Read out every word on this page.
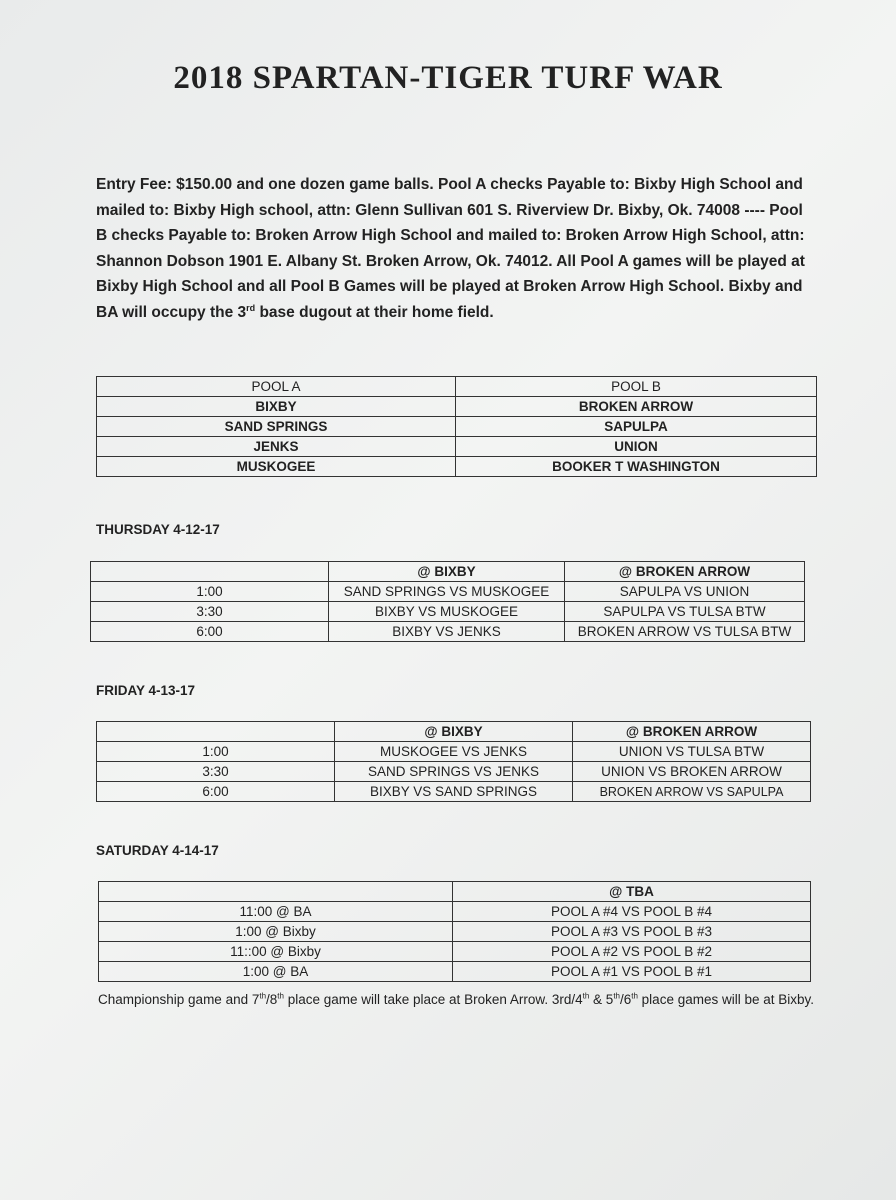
2018 SPARTAN-TIGER TURF WAR
Entry Fee: $150.00 and one dozen game balls. Pool A checks Payable to: Bixby High School and mailed to: Bixby High school, attn: Glenn Sullivan 601 S. Riverview Dr. Bixby, Ok. 74008 ---- Pool B checks Payable to: Broken Arrow High School and mailed to: Broken Arrow High School, attn: Shannon Dobson 1901 E. Albany St. Broken Arrow, Ok. 74012. All Pool A games will be played at Bixby High School and all Pool B Games will be played at Broken Arrow High School. Bixby and BA will occupy the 3rd base dugout at their home field.
POOL A	POOL B
BIXBY	BROKEN ARROW
SAND SPRINGS	SAPULPA
JENKS	UNION
MUSKOGEE	BOOKER T WASHINGTON
THURSDAY 4-12-17
	@ BIXBY	@ BROKEN ARROW
1:00	SAND SPRINGS VS MUSKOGEE	SAPULPA VS UNION
3:30	BIXBY VS MUSKOGEE	SAPULPA VS TULSA BTW
6:00	BIXBY VS JENKS	BROKEN ARROW VS TULSA BTW
FRIDAY 4-13-17
	@ BIXBY	@ BROKEN ARROW
1:00	MUSKOGEE VS JENKS	UNION VS TULSA BTW
3:30	SAND SPRINGS VS JENKS	UNION VS BROKEN ARROW
6:00	BIXBY VS SAND SPRINGS	BROKEN ARROW VS SAPULPA
SATURDAY 4-14-17
	@ TBA
11:00 @ BA	POOL A #4 VS POOL B #4
1:00 @ Bixby	POOL A #3 VS POOL B #3
11::00 @ Bixby	POOL A #2 VS POOL B #2
1:00 @ BA	POOL A #1 VS POOL B #1
Championship game and 7th/8th place game will take place at Broken Arrow. 3rd/4th & 5th/6th place games will be at Bixby.
